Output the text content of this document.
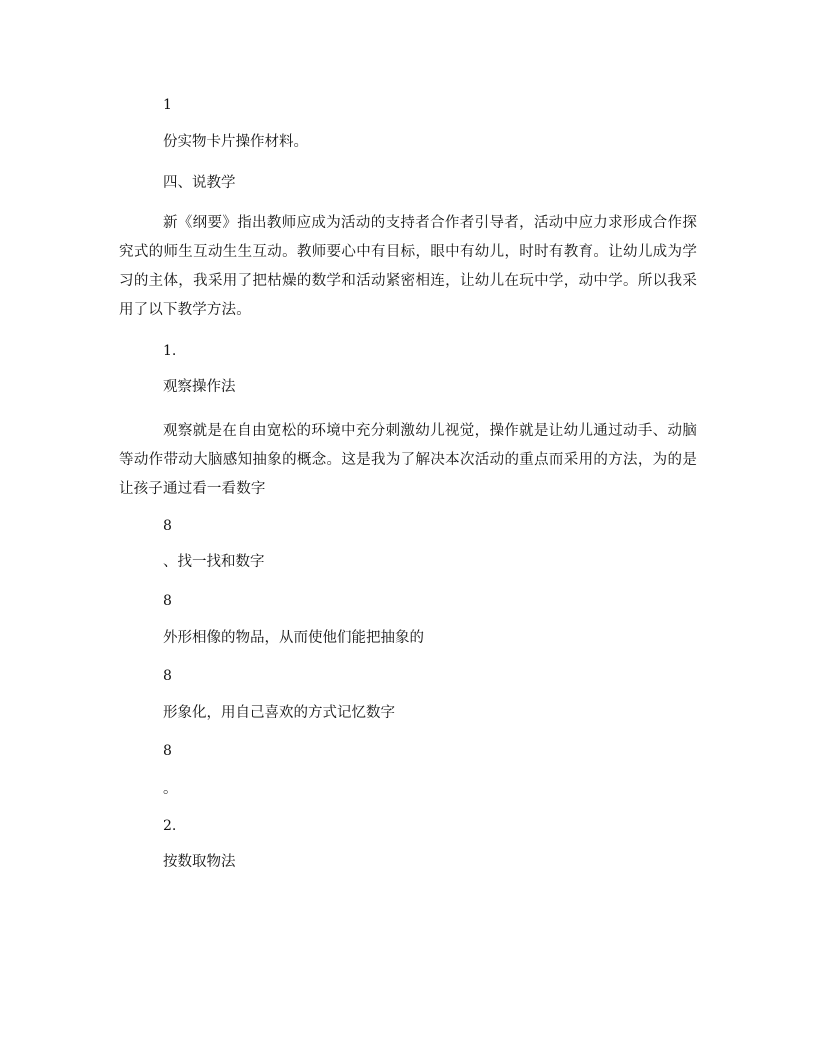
1

份实物卡片操作材料。

四、说教学

新《纲要》指出教师应成为活动的支持者合作者引导者，活动中应力求形成合作探究式的师生互动生生互动。教师要心中有目标，眼中有幼儿，时时有教育。让幼儿成为学习的主体，我采用了把枯燥的数学和活动紧密相连，让幼儿在玩中学，动中学。所以我采用了以下教学方法。

1.

观察操作法

观察就是在自由宽松的环境中充分刺激幼儿视觉，操作就是让幼儿通过动手、动脑等动作带动大脑感知抽象的概念。这是我为了解决本次活动的重点而采用的方法，为的是让孩子通过看一看数字

8

、找一找和数字

8

外形相像的物品，从而使他们能把抽象的

8

形象化，用自己喜欢的方式记忆数字

8

。

2.

按数取物法
